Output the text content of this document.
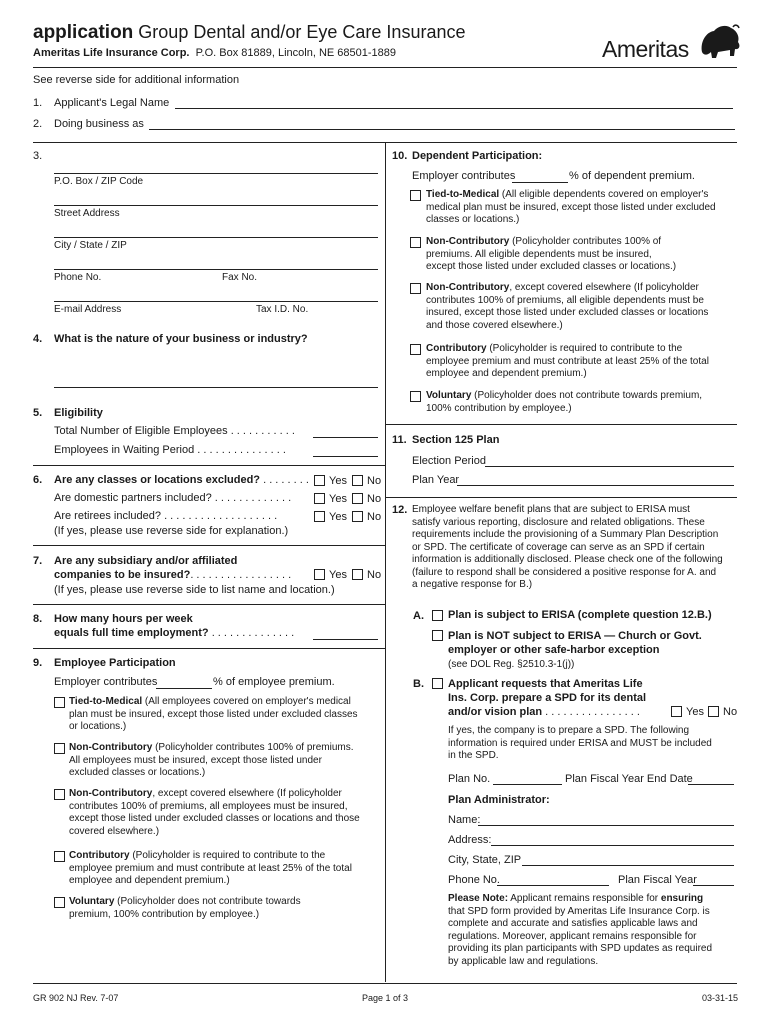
application Group Dental and/or Eye Care Insurance
Ameritas Life Insurance Corp. P.O. Box 81889, Lincoln, NE 68501-1889	Ameritas
See reverse side for additional information
1. Applicant's Legal Name
2. Doing business as
3.
P.O. Box / ZIP Code
Street Address
City / State / ZIP
Phone No.	Fax No.
E-mail Address	Tax I.D. No.
4. What is the nature of your business or industry?
5. Eligibility
Total Number of Eligible Employees . . . . . . . . . . .
Employees in Waiting Period . . . . . . . . . . . . . . .
6. Are any classes or locations excluded? . . . . . . . . Yes No
Are domestic partners included? . . . . . . . . . . . . .	Yes No
Are retirees included? . . . . . . . . . . . . . . . . . . .	Yes No
(If yes, please use reverse side for explanation.)
7. Are any subsidiary and/or affiliated
companies to be insured?. . . . . . . . . . . . . . . . .	Yes No
(If yes, please use reverse side to list name and location.)
8. How many hours per week
equals full time employment? . . . . . . . . . . . . . .
9. Employee Participation
Employer contributes	% of employee premium.

Tied-to-Medical (All employees covered on employer's medical

plan must be insured, except those listed under excluded classes

or locations.)

Non-Contributory (Policyholder contributes 100% of premiums.

All employees must be insured, except those listed under

excluded classes or locations.)

Non-Contributory, except covered elsewhere (If policyholder

contributes 100% of premiums, all employees must be insured,

except those listed under excluded classes or locations and those

covered elsewhere.)

Contributory (Policyholder is required to contribute to the

employee premium and must contribute at least 25% of the total

employee and dependent premium.)

Voluntary (Policyholder does not contribute towards

premium, 100% contribution by employee.)

10. Dependent Participation:
Employer contributes	% of dependent premium.

Tied-to-Medical (All eligible dependents covered on employer's

medical plan must be insured, except those listed under excluded

classes or locations.)

Non-Contributory (Policyholder contributes 100% of

premiums. All eligible dependents must be insured,

except those listed under excluded classes or locations.)

Non-Contributory, except covered elsewhere (If policyholder

contributes 100% of premiums, all eligible dependents must be

insured, except those listed under excluded classes or locations

and those covered elsewhere.)

Contributory (Policyholder is required to contribute to the

employee premium and must contribute at least 25% of the total

employee and dependent premium.)

Voluntary (Policyholder does not contribute towards premium,

100% contribution by employee.)

11. Section 125 Plan
Election Period
Plan Year
12. Employee welfare benefit plans that are subject to ERISA must

satisfy various reporting, disclosure and related obligations. These

requirements include the provisioning of a Summary Plan Description

or SPD. The certificate of coverage can serve as an SPD if certain

information is additionally disclosed. Please check one of the following

(failure to respond shall be considered a positive response for A. and

a negative response for B.)

A. Plan is subject to ERISA (complete question 12.B.)

Plan is NOT subject to ERISA — Church or Govt.

employer or other safe-harbor exception

(see DOL Reg. §2510.3-1(j))
B. Applicant requests that Ameritas Life

Ins. Corp. prepare a SPD for its dental

and/or vision plan . . . . . . . . . . . . . . . .	Yes No

If yes, the company is to prepare a SPD. The following

information is required under ERISA and MUST be included

in the SPD.

Plan No.	Plan Fiscal Year End Date
Plan Administrator:
Name:
Address:
City, State, ZIP
Phone No.	Plan Fiscal Year

Please Note: Applicant remains responsible for ensuring

that SPD form provided by Ameritas Life Insurance Corp. is

complete and accurate and satisfies applicable laws and

regulations. Moreover, applicant remains responsible for

providing its plan participants with SPD updates as required

by applicable law and regulations.

GR 902 NJ Rev. 7-07	Page 1 of 3	03-31-15
